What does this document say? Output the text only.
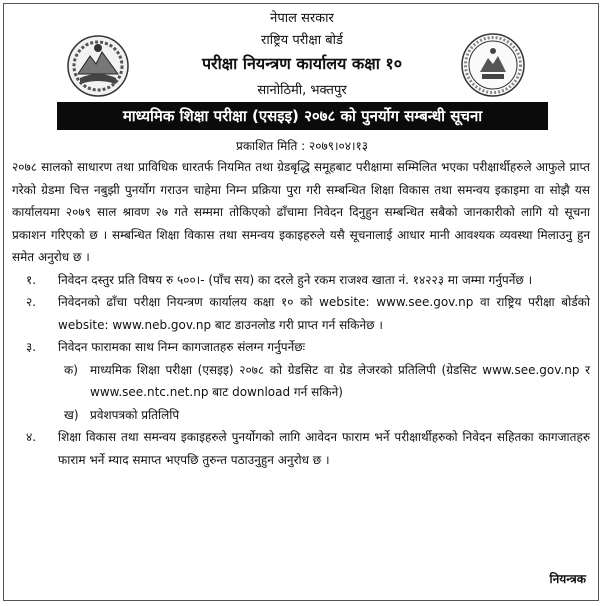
नेपाल सरकार
राष्ट्रिय परीक्षा बोर्ड
परीक्षा नियन्त्रण कार्यालय कक्षा १०
सानोठिमी, भक्तपुर
माध्यमिक शिक्षा परीक्षा (एसइइ) २०७८ को पुनर्योग सम्बन्धी सूचना
प्रकाशित मिति : २०७९।०४।१३

२०७८ सालको साधारण तथा प्राविधिक धारतर्फ नियमित तथा ग्रेडबृद्धि समूहबाट परीक्षामा सम्मिलित भएका परीक्षार्थीहरुले आफुले प्राप्त गरेको ग्रेडमा चित्त नबुझी पुनर्योग गराउन चाहेमा निम्न प्रक्रिया पुरा गरी सम्बन्धित शिक्षा विकास तथा समन्वय इकाइमा वा सोझै यस कार्यालयमा २०७९ साल श्रावण २७ गते सम्ममा तोकिएको ढाँचामा निवेदन दिनुहुन सम्बन्धित सबैको जानकारीको लागि यो सूचना प्रकाशन गरिएको छ । सम्बन्धित शिक्षा विकास तथा समन्वय इकाइहरुले यसै सूचनालाई आधार मानी आवश्यक व्यवस्था मिलाउनु हुन समेत अनुरोध छ ।

१.	निवेदन दस्तुर प्रति विषय रु ५००।- (पाँच सय) का दरले हुने रकम राजश्व खाता नं. १४२२३ मा जम्मा गर्नुपर्नेछ ।
२.	निवेदनको ढाँचा परीक्षा नियन्त्रण कार्यालय कक्षा १० को website: www.see.gov.np वा राष्ट्रिय परीक्षा बोर्डको website: www.neb.gov.np बाट डाउनलोड गरी प्राप्त गर्न सकिनेछ ।
३.	निवेदन फारामका साथ निम्न कागजातहरु संलग्न गर्नुपर्नेछः
क)	माध्यमिक शिक्षा परीक्षा (एसइइ) २०७८ को ग्रेडसिट वा ग्रेड लेजरको प्रतिलिपी (ग्रेडसिट www.see.gov.np र www.see.ntc.net.np बाट download गर्न सकिने)
ख) प्रवेशपत्रको प्रतिलिपि
४.	शिक्षा विकास तथा समन्वय इकाइहरुले पुनर्योगको लागि आवेदन फाराम भर्ने परीक्षार्थीहरुको निवेदन सहितका कागजातहरु फाराम भर्ने म्याद समाप्त भएपछि तुरुन्त पठाउनुहुन अनुरोध छ ।
नियन्त्रक
